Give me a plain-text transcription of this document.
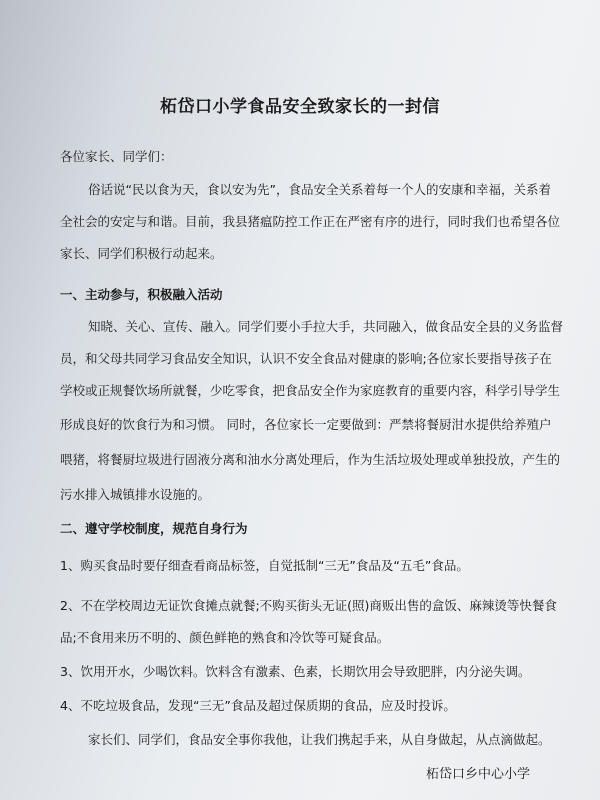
柘岱口小学食品安全致家长的一封信
各位家长、同学们：
俗话说“民以食为天，食以安为先”，食品安全关系着每一个人的安康和幸福，关系着
全社会的安定与和谐。目前，我县猪瘟防控工作正在严密有序的进行，同时我们也希望各位
家长、同学们积极行动起来。
一、主动参与，积极融入活动
知晓、关心、宣传、融入。同学们要小手拉大手，共同融入，做食品安全县的义务监督
员，和父母共同学习食品安全知识，认识不安全食品对健康的影响;各位家长要指导孩子在
学校或正规餐饮场所就餐，少吃零食，把食品安全作为家庭教育的重要内容，科学引导学生
形成良好的饮食行为和习惯。 同时，各位家长一定要做到：严禁将餐厨泔水提供给养殖户
喂猪，将餐厨垃圾进行固液分离和油水分离处理后，作为生活垃圾处理或单独投放，产生的
污水排入城镇排水设施的。
二、遵守学校制度，规范自身行为
1、购买食品时要仔细查看商品标签，自觉抵制“三无”食品及“五毛”食品。
2、不在学校周边无证饮食摊点就餐;不购买街头无证(照)商贩出售的盒饭、麻辣烫等快餐食
品;不食用来历不明的、颜色鲜艳的熟食和冷饮等可疑食品。
3、饮用开水，少喝饮料。饮料含有激素、色素，长期饮用会导致肥胖，内分泌失调。
4、不吃垃圾食品，发现“三无”食品及超过保质期的食品，应及时投诉。
家长们、同学们，食品安全事你我他，让我们携起手来，从自身做起，从点滴做起。
柘岱口乡中心小学
